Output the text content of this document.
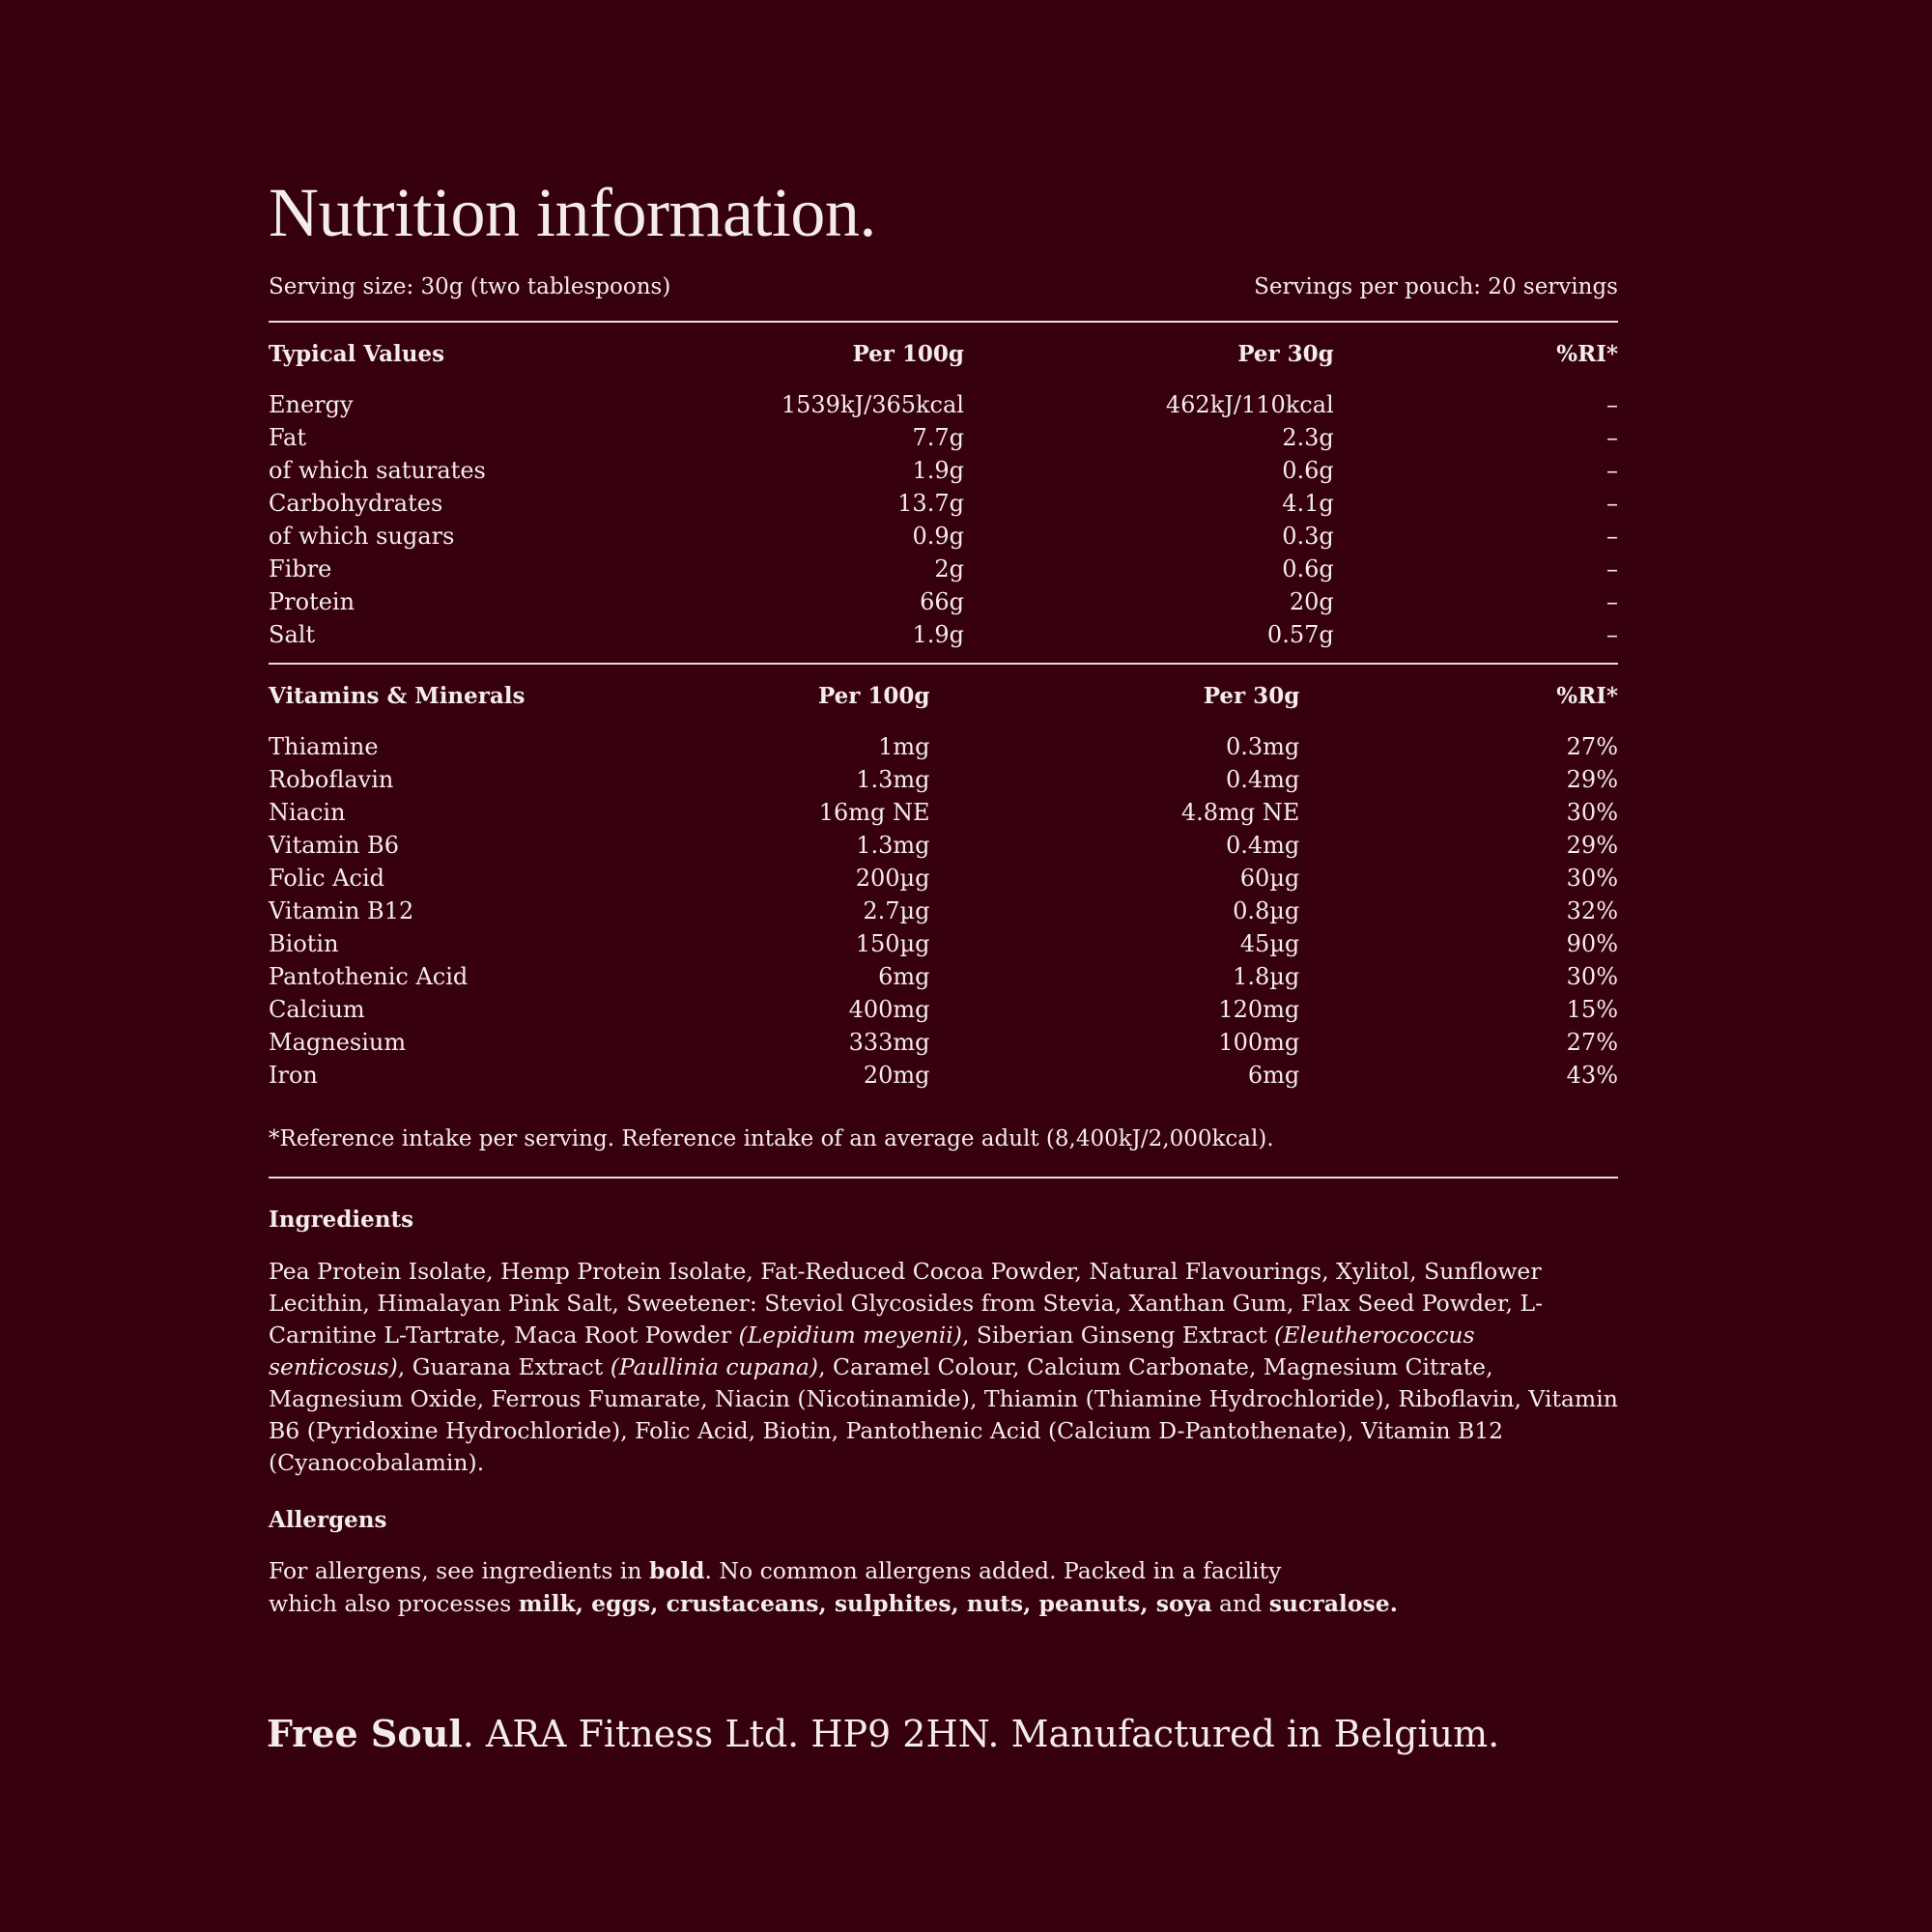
Nutrition information.
Serving size: 30g (two tablespoons)	Servings per pouch: 20 servings
Typical Values	Per 100g	Per 30g	%RI*
Energy	1539kJ/365kcal	462kJ/110kcal	–
Fat	7.7g	2.3g	–
of which saturates	1.9g	0.6g	–
Carbohydrates	13.7g	4.1g	–
of which sugars	0.9g	0.3g	–
Fibre	2g	0.6g	–
Protein	66g	20g	–
Salt	1.9g	0.57g	–
Vitamins & Minerals	Per 100g	Per 30g	%RI*
Thiamine	1mg	0.3mg	27%
Roboflavin	1.3mg	0.4mg	29%
Niacin	16mg NE	4.8mg NE	30%
Vitamin B6	1.3mg	0.4mg	29%
Folic Acid	200µg	60µg	30%
Vitamin B12	2.7µg	0.8µg	32%
Biotin	150µg	45µg	90%
Pantothenic Acid	6mg	1.8µg	30%
Calcium	400mg	120mg	15%
Magnesium	333mg	100mg	27%
Iron	20mg	6mg	43%
*Reference intake per serving. Reference intake of an average adult (8,400kJ/2,000kcal).
Ingredients
Pea Protein Isolate, Hemp Protein Isolate, Fat-Reduced Cocoa Powder, Natural Flavourings, Xylitol, Sunflower Lecithin, Himalayan Pink Salt, Sweetener: Steviol Glycosides from Stevia, Xanthan Gum, Flax Seed Powder, L-Carnitine L-Tartrate, Maca Root Powder (Lepidium meyenii), Siberian Ginseng Extract (Eleutherococcus senticosus), Guarana Extract (Paullinia cupana), Caramel Colour, Calcium Carbonate, Magnesium Citrate, Magnesium Oxide, Ferrous Fumarate, Niacin (Nicotinamide), Thiamin (Thiamine Hydrochloride), Riboflavin, Vitamin B6 (Pyridoxine Hydrochloride), Folic Acid, Biotin, Pantothenic Acid (Calcium D-Pantothenate), Vitamin B12 (Cyanocobalamin).
Allergens
For allergens, see ingredients in bold. No common allergens added. Packed in a facility
which also processes milk, eggs, crustaceans, sulphites, nuts, peanuts, soya and sucralose.
Free Soul. ARA Fitness Ltd. HP9 2HN. Manufactured in Belgium.
